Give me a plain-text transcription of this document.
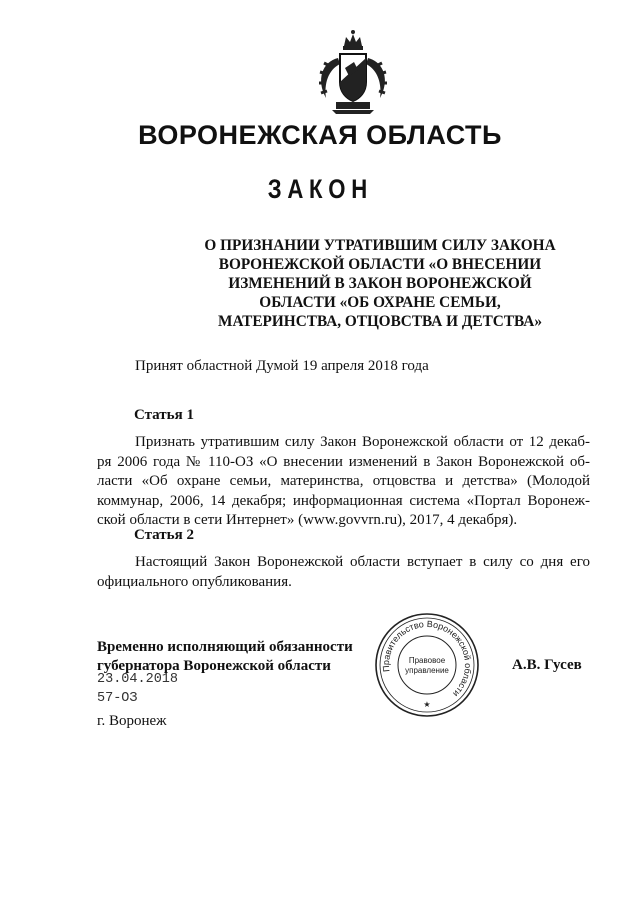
ВОРОНЕЖСКАЯ ОБЛАСТЬ
ЗАКОН
О ПРИЗНАНИИ УТРАТИВШИМ СИЛУ ЗАКОНА
ВОРОНЕЖСКОЙ ОБЛАСТИ «О ВНЕСЕНИИ
ИЗМЕНЕНИЙ В ЗАКОН ВОРОНЕЖСКОЙ
ОБЛАСТИ «ОБ ОХРАНЕ СЕМЬИ,
МАТЕРИНСТВА, ОТЦОВСТВА И ДЕТСТВА»
Принят областной Думой 19 апреля 2018 года
Статья 1
Признать утратившим силу Закон Воронежской области от 12 декаб-
ря 2006 года № 110-ОЗ «О внесении изменений в Закон Воронежской об-
ласти «Об охране семьи, материнства, отцовства и детства» (Молодой
коммунар, 2006, 14 декабря; информационная система «Портал Воронеж-
ской области в сети Интернет» (www.govvrn.ru), 2017, 4 декабря).
Статья 2
Настоящий Закон Воронежской области вступает в силу со дня его
официального опубликования.
Временно исполняющий обязанности
губернатора Воронежской области
23.04.2018
57-ОЗ
г. Воронеж
Правительство Воронежской области
Правовое
управление
★
А.В. Гусев
